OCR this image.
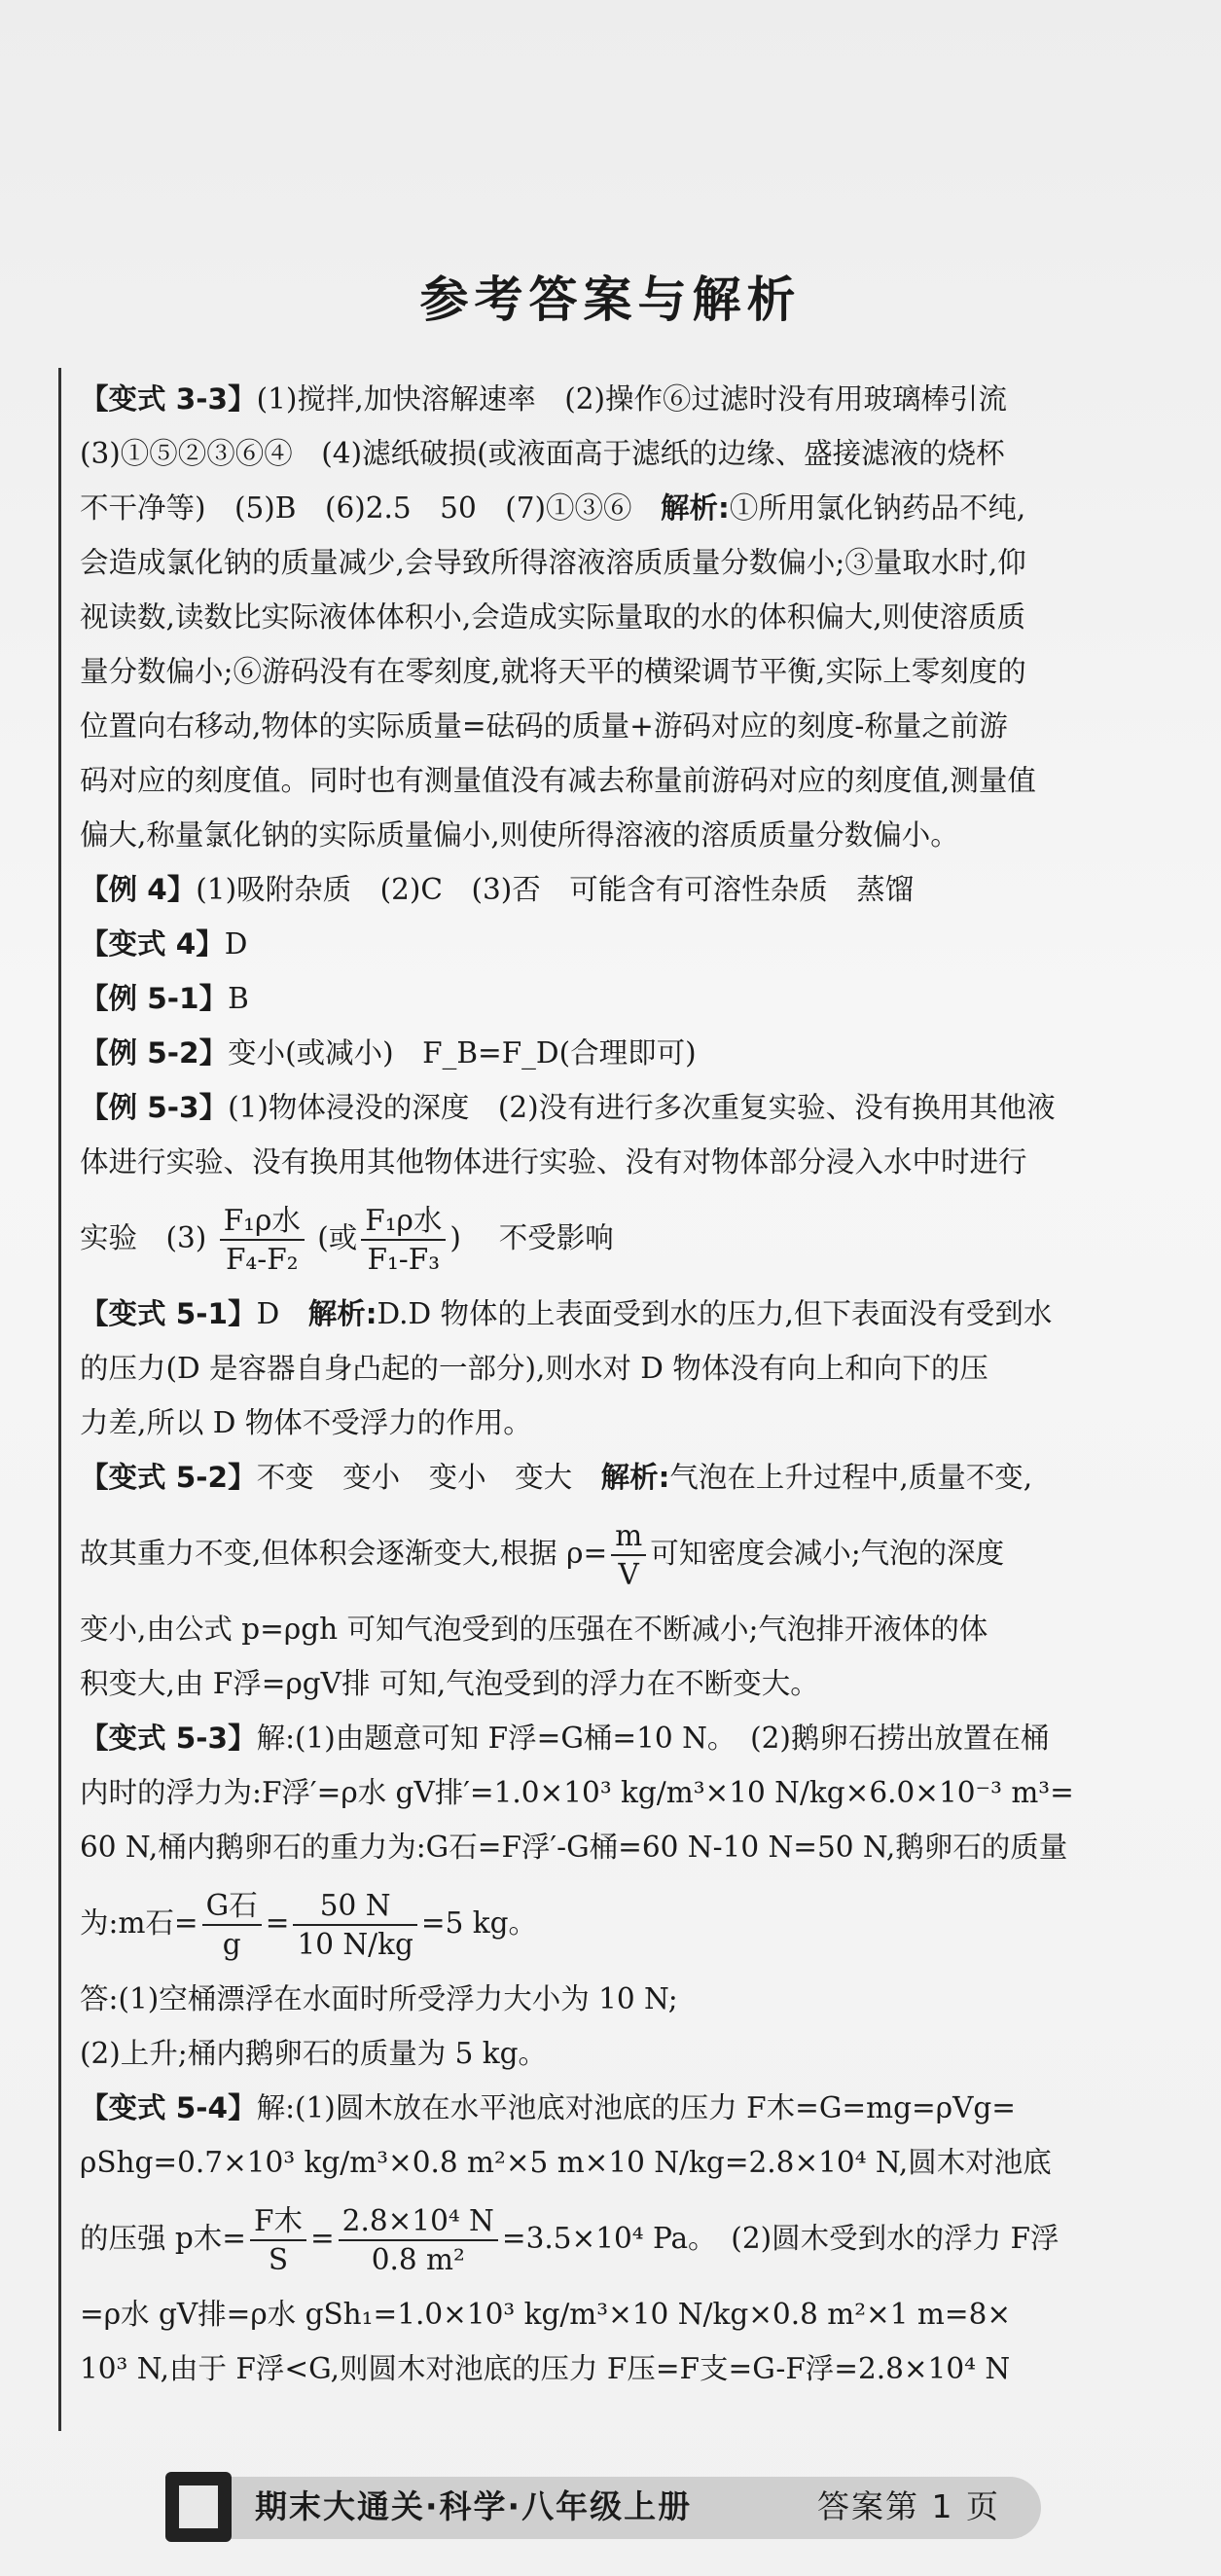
参考答案与解析
【变式 3-3】(1)搅拌,加快溶解速率　(2)操作⑥过滤时没有用玻璃棒引流
(3)①⑤②③⑥④　(4)滤纸破损(或液面高于滤纸的边缘、盛接滤液的烧杯
不干净等)　(5)B　(6)2.5　50　(7)①③⑥　 解析:①所用氯化钠药品不纯,
会造成氯化钠的质量减少,会导致所得溶液溶质质量分数偏小;③量取水时,仰
视读数,读数比实际液体体积小,会造成实际量取的水的体积偏大,则使溶质质
量分数偏小;⑥游码没有在零刻度,就将天平的横梁调节平衡,实际上零刻度的
位置向右移动,物体的实际质量=砝码的质量+游码对应的刻度-称量之前游
码对应的刻度值。同时也有测量值没有减去称量前游码对应的刻度值,测量值
偏大,称量氯化钠的实际质量偏小,则使所得溶液的溶质质量分数偏小。
【例 4】(1)吸附杂质　(2)C　(3)否　可能含有可溶性杂质　蒸馏
【变式 4】D
【例 5-1】B
【例 5-2】变小(或减小)　F_B=F_D(合理即可)
【例 5-3】(1)物体浸没的深度　(2)没有进行多次重复实验、没有换用其他液
体进行实验、没有换用其他物体进行实验、没有对物体部分浸入水中时进行
实验　$(3) \frac{\text{F₁ρ水}}{\text{F₄-F₂}}$ (或 $\frac{\text{F₁ρ水}}{\text{F₁-F₃}}$ ) 　 不受影响
【变式 5-1】D　解析:D.D 物体的上表面受到水的压力,但下表面没有受到水
的压力(D 是容器自身凸起的一部分),则水对 D 物体没有向上和向下的压
力差,所以 D 物体不受浮力的作用。
【变式 5-2】不变　变小　变小　变大　解析:气泡在上升过程中,质量不变,
故其重力不变,但体积会逐渐变大,根据 $\rho= \frac{m}{V}$ 可知密度会减小;气泡的深度
变小,由公式 p=ρgh 可知气泡受到的压强在不断减小;气泡排开液体的体
积变大,由 F浮=ρgV排 可知,气泡受到的浮力在不断变大。
【变式 5-3】解:(1)由题意可知 F浮=G桶=10 N。　(2)鹅卵石捞出放置在桶
内时的浮力为:F浮′=ρ水 gV排′=1.0×10³ kg/m³×10 N/kg×6.0×10⁻³ m³=
60 N,桶内鹅卵石的重力为:G石=F浮′-G桶=60 N-10 N=50 N,鹅卵石的质量
为:m石= $\frac{\text{G石}}{g} = \frac{50 N}{10 N/kg} =5$ kg。
答:(1)空桶漂浮在水面时所受浮力大小为 10 N;
(2)上升;桶内鹅卵石的质量为 5 kg。
【变式 5-4】解:(1)圆木放在水平池底对池底的压力 F木=G=mg=ρVg=
ρShg=0.7×10³ kg/m³×0.8 m²×5 m×10 N/kg=2.8×10⁴ N,圆木对池底
的压强 p木= $\frac{\text{F木}}{S} = \frac{\text{2.8×10⁴ N}}{\text{0.8 m²}} =3.5\times 10^4$ Pa。　(2)圆木受到水的浮力 F浮
=ρ水 gV排=ρ水 gSh₁=1.0×10³ kg/m³×10 N/kg×0.8 m²×1 m=8×
10³ N,由于 F浮<G,则圆木对池底的压力 F压=F支=G-F浮=2.8×10⁴ N
期末大通关·科学·八年级上册	答案第 1 页
